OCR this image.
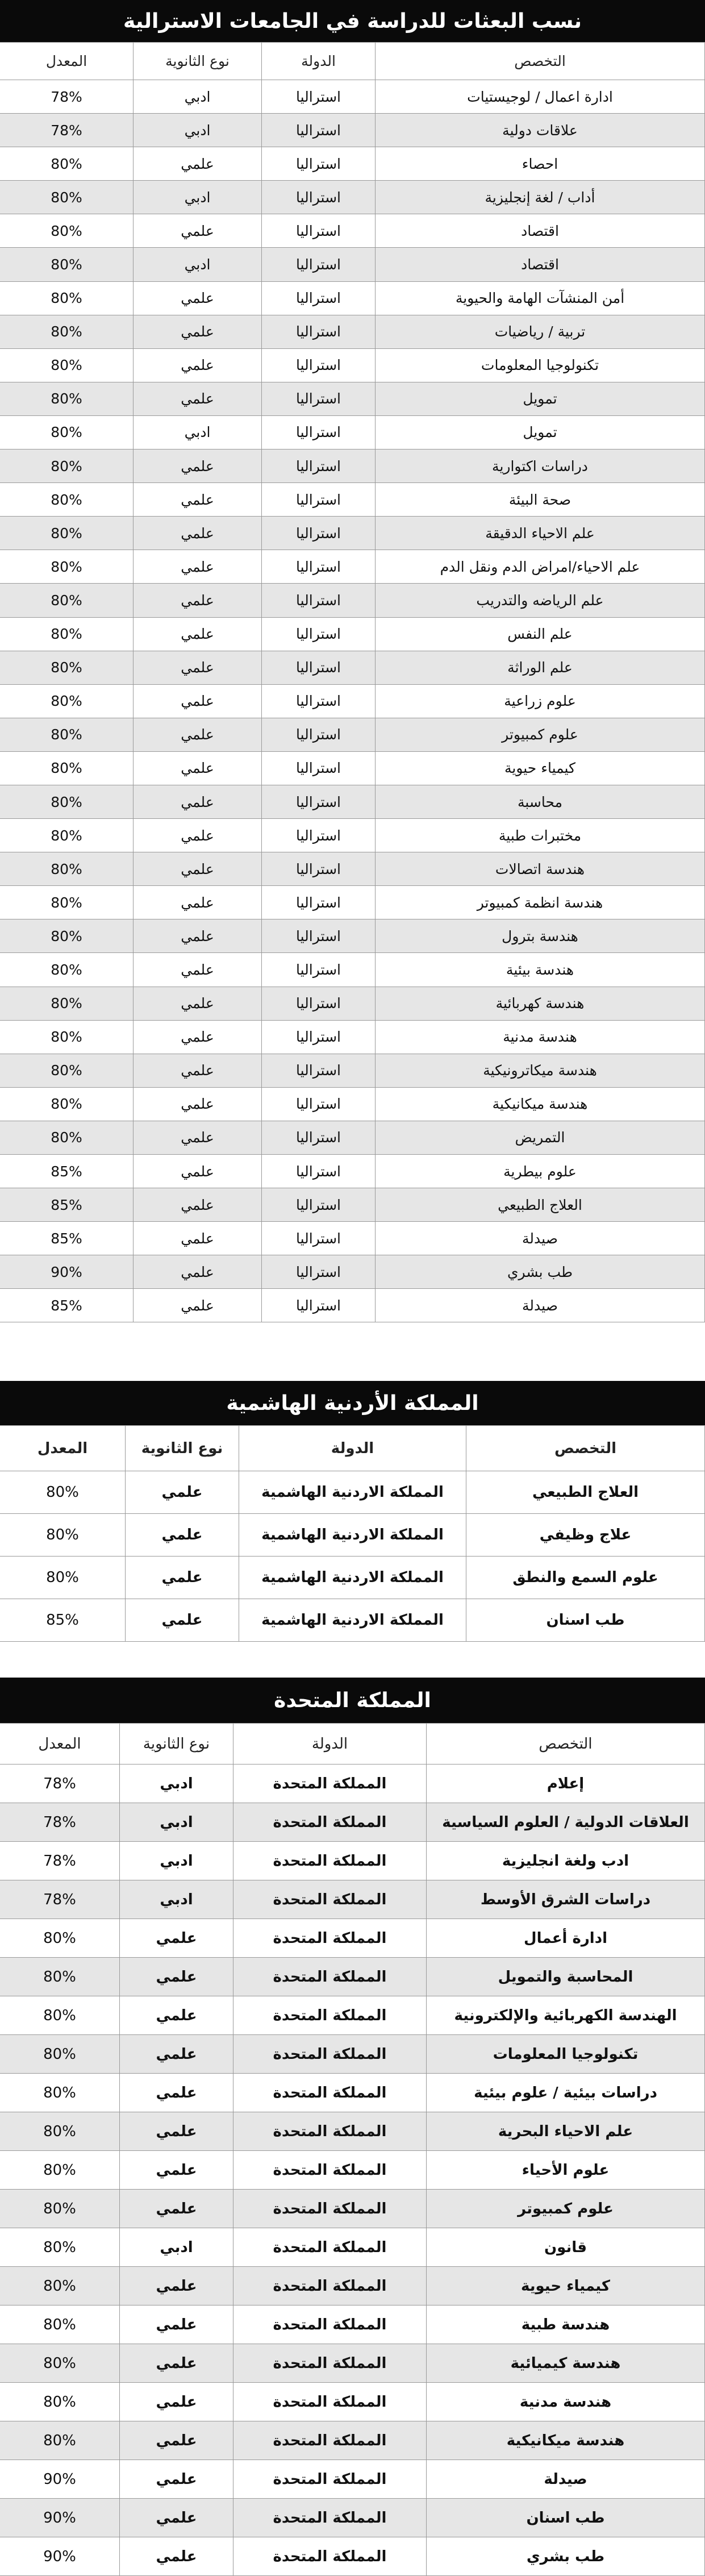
نسب البعثات للدراسة في الجامعات الاسترالية
التخصص	الدولة	نوع الثانوية	المعدل
ادارة اعمال / لوجيستيات	استراليا	ادبي	78%
علاقات دولية	استراليا	ادبي	78%
احصاء	استراليا	علمي	80%
أداب / لغة إنجليزية	استراليا	ادبي	80%
اقتصاد	استراليا	علمي	80%
اقتصاد	استراليا	ادبي	80%
أمن المنشآت الهامة والحيوية	استراليا	علمي	80%
تربية / رياضيات	استراليا	علمي	80%
تكنولوجيا المعلومات	استراليا	علمي	80%
تمويل	استراليا	علمي	80%
تمويل	استراليا	ادبي	80%
دراسات اكتوارية	استراليا	علمي	80%
صحة البيئة	استراليا	علمي	80%
علم الاحياء الدقيقة	استراليا	علمي	80%
علم الاحياء/امراض الدم ونقل الدم	استراليا	علمي	80%
علم الرياضه والتدريب	استراليا	علمي	80%
علم النفس	استراليا	علمي	80%
علم الوراثة	استراليا	علمي	80%
علوم زراعية	استراليا	علمي	80%
علوم كمبيوتر	استراليا	علمي	80%
كيمياء حيوية	استراليا	علمي	80%
محاسبة	استراليا	علمي	80%
مختبرات طبية	استراليا	علمي	80%
هندسة اتصالات	استراليا	علمي	80%
هندسة انظمة كمبيوتر	استراليا	علمي	80%
هندسة بترول	استراليا	علمي	80%
هندسة بيئية	استراليا	علمي	80%
هندسة كهربائية	استراليا	علمي	80%
هندسة مدنية	استراليا	علمي	80%
هندسة ميكاترونيكية	استراليا	علمي	80%
هندسة ميكانيكية	استراليا	علمي	80%
التمريض	استراليا	علمي	80%
علوم بيطرية	استراليا	علمي	85%
العلاج الطبيعي	استراليا	علمي	85%
صيدلة	استراليا	علمي	85%
طب بشري	استراليا	علمي	90%
صيدلة	استراليا	علمي	85%
المملكة الأردنية الهاشمية
التخصص	الدولة	نوع الثانوية	المعدل
العلاج الطبيعي	المملكة الاردنية الهاشمية	علمي	80%
علاج وظيفي	المملكة الاردنية الهاشمية	علمي	80%
علوم السمع والنطق	المملكة الاردنية الهاشمية	علمي	80%
طب اسنان	المملكة الاردنية الهاشمية	علمي	85%
المملكة المتحدة
التخصص	الدولة	نوع الثانوية	المعدل
إعلام	المملكة المتحدة	ادبي	78%
العلاقات الدولية / العلوم السياسية	المملكة المتحدة	ادبي	78%
ادب ولغة انجليزية	المملكة المتحدة	ادبي	78%
دراسات الشرق الأوسط	المملكة المتحدة	ادبي	78%
ادارة أعمال	المملكة المتحدة	علمي	80%
المحاسبة والتمويل	المملكة المتحدة	علمي	80%
الهندسة الكهربائية والإلكترونية	المملكة المتحدة	علمي	80%
تكنولوجيا المعلومات	المملكة المتحدة	علمي	80%
دراسات بيئية / علوم بيئية	المملكة المتحدة	علمي	80%
علم الاحياء البحرية	المملكة المتحدة	علمي	80%
علوم الأحياء	المملكة المتحدة	علمي	80%
علوم كمبيوتر	المملكة المتحدة	علمي	80%
قانون	المملكة المتحدة	ادبي	80%
كيمياء حيوية	المملكة المتحدة	علمي	80%
هندسة طبية	المملكة المتحدة	علمي	80%
هندسة كيميائية	المملكة المتحدة	علمي	80%
هندسة مدنية	المملكة المتحدة	علمي	80%
هندسة ميكانيكية	المملكة المتحدة	علمي	80%
صيدلة	المملكة المتحدة	علمي	90%
طب اسنان	المملكة المتحدة	علمي	90%
طب بشري	المملكة المتحدة	علمي	90%
